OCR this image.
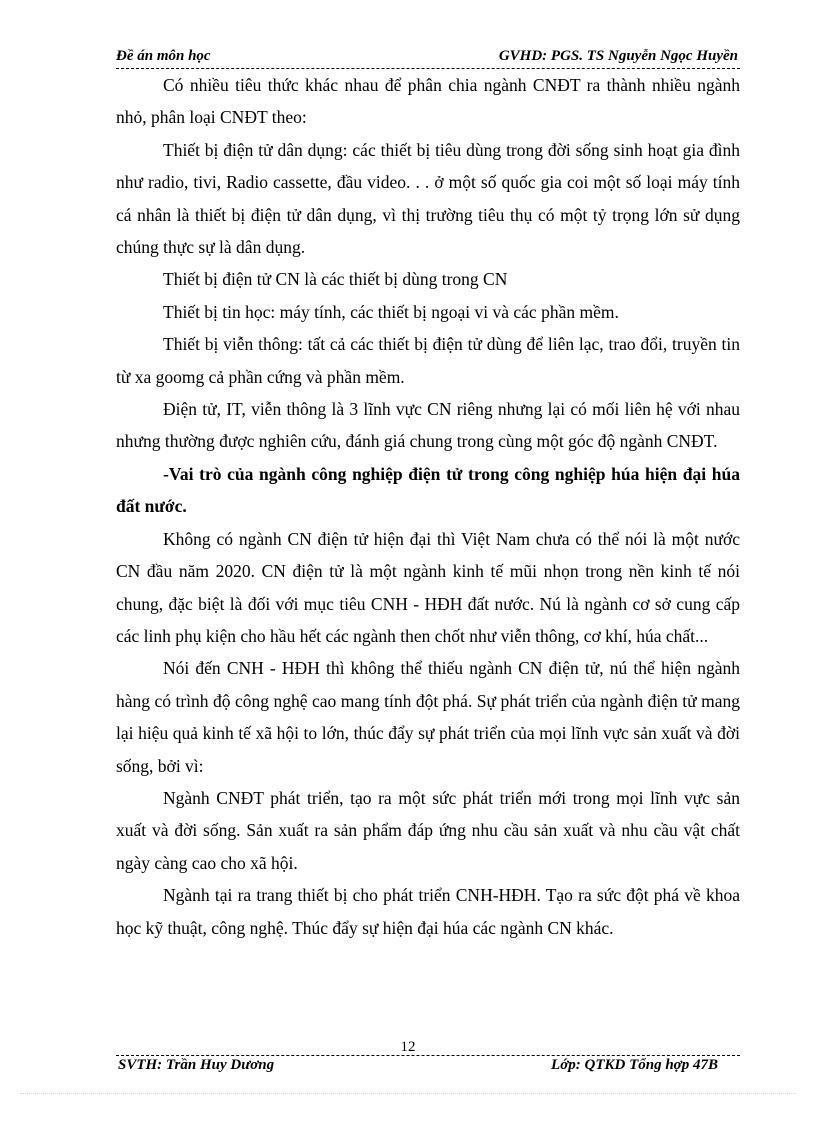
Đề án môn học	GVHD: PGS. TS Nguyễn Ngọc Huyền

Có nhiều tiêu thức khác nhau để phân chia ngành CNĐT ra thành nhiều ngành nhỏ, phân loại CNĐT theo:

Thiết bị điện tử dân dụng: các thiết bị tiêu dùng trong đời sống sinh hoạt gia đình như radio, tivi, Radio cassette, đầu video. . . ở một số quốc gia coi một số loại máy tính cá nhân là thiết bị điện tử dân dụng, vì thị trường tiêu thụ có một tỷ trọng lớn sử dụng chúng thực sự là dân dụng.

Thiết bị điện tử CN là các thiết bị dùng trong CN

Thiết bị tin học: máy tính, các thiết bị ngoại vi và các phần mềm.

Thiết bị viễn thông: tất cả các thiết bị điện tử dùng để liên lạc, trao đổi, truyền tin từ xa goomg cả phần cứng và phần mềm.

Điện tử, IT, viễn thông là 3 lĩnh vực CN riêng nhưng lại có mối liên hệ với nhau nhưng thường được nghiên cứu, đánh giá chung trong cùng một góc độ ngành CNĐT.

-Vai trò của ngành công nghiệp điện tử trong công nghiệp húa hiện đại húa đất nước.

Không có ngành CN điện tử hiện đại thì Việt Nam chưa có thể nói là một nước CN đầu năm 2020. CN điện tử là một ngành kinh tế mũi nhọn trong nền kinh tế nói chung, đặc biệt là đối với mục tiêu CNH - HĐH đất nước. Nú là ngành cơ sở cung cấp các linh phụ kiện cho hầu hết các ngành then chốt như viễn thông, cơ khí, húa chất...

Nói đến CNH - HĐH thì không thể thiếu ngành CN điện tử, nú thể hiện ngành hàng có trình độ công nghệ cao mang tính đột phá. Sự phát triển của ngành điện tử mang lại hiệu quả kinh tế xã hội to lớn, thúc đẩy sự phát triển của mọi lĩnh vực sản xuất và đời sống, bởi vì:

Ngành CNĐT phát triển, tạo ra một sức phát triển mới trong mọi lĩnh vực sản xuất và đời sống. Sản xuất ra sản phẩm đáp ứng nhu cầu sản xuất và nhu cầu vật chất ngày càng cao cho xã hội.

Ngành tại ra trang thiết bị cho phát triển CNH-HĐH. Tạo ra sức đột phá về khoa học kỹ thuật, công nghệ. Thúc đẩy sự hiện đại húa các ngành CN khác.

12
SVTH: Trần Huy Dương	Lớp: QTKD Tổng hợp 47B
